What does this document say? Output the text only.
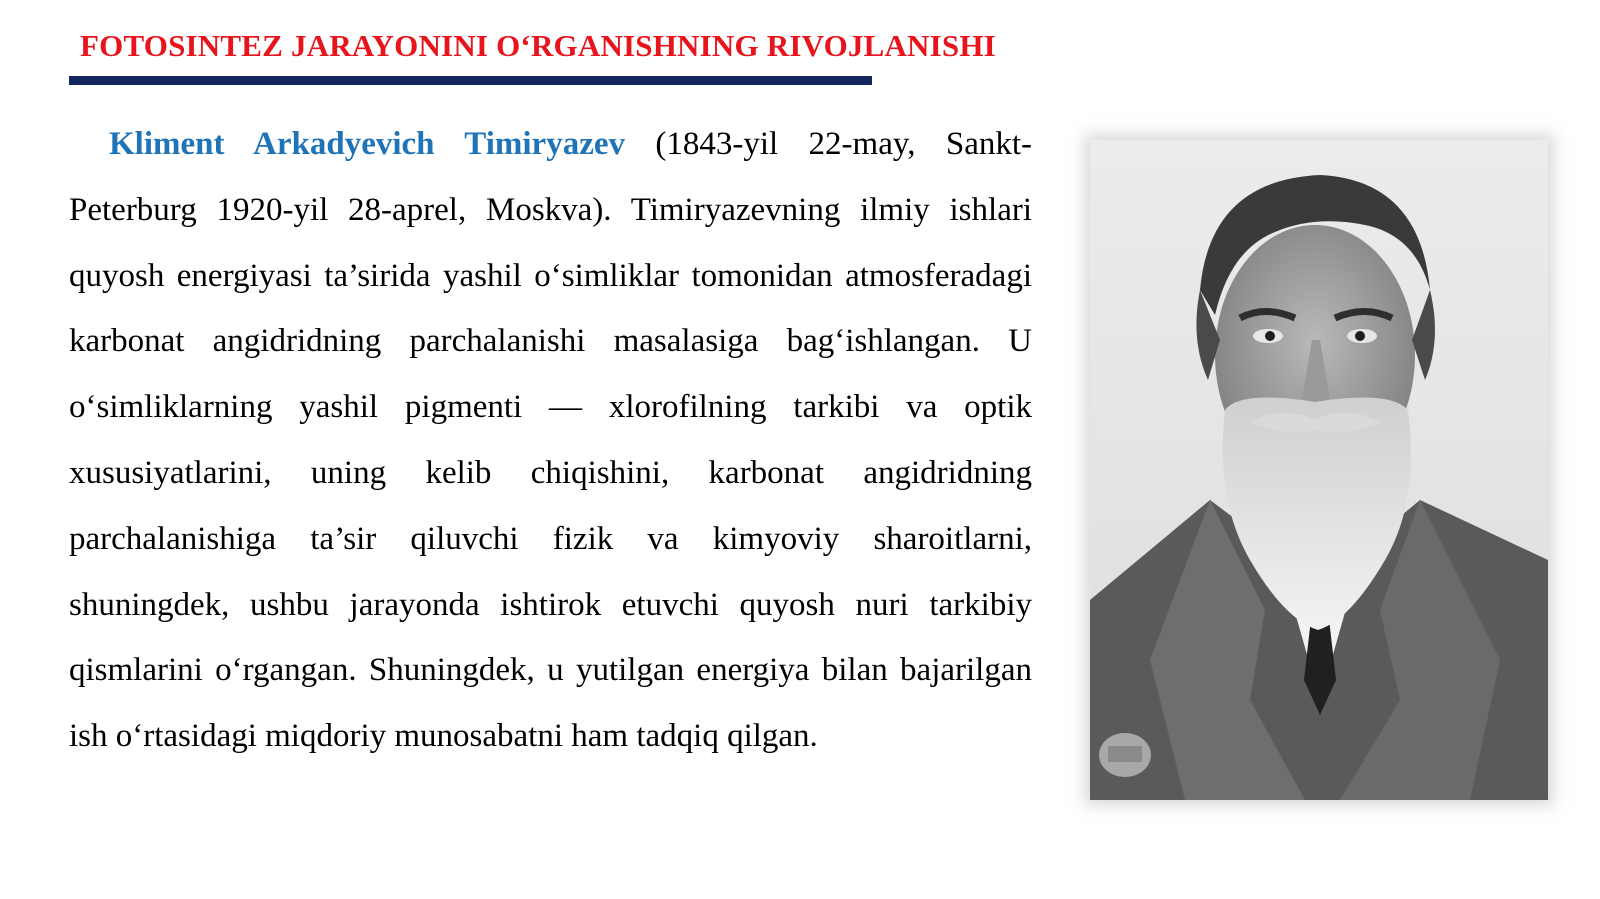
FOTOSINTEZ JARAYONINI O‘RGANISHNING RIVOJLANISHI

Kliment Arkadyevich Timiryazev (1843-yil 22-may, Sankt-Peterburg 1920-yil 28-aprel, Moskva). Timiryazevning ilmiy ishlari quyosh energiyasi ta’sirida yashil o‘simliklar tomonidan atmosferadagi karbonat angidridning parchalanishi masalasiga bag‘ishlangan. U o‘simliklarning yashil pigmenti — xlorofilning tarkibi va optik xususiyatlarini, uning kelib chiqishini, karbonat angidridning parchalanishiga ta’sir qiluvchi fizik va kimyoviy sharoitlarni, shuningdek, ushbu jarayonda ishtirok etuvchi quyosh nuri tarkibiy qismlarini o‘rgangan. Shuningdek, u yutilgan energiya bilan bajarilgan ish o‘rtasidagi miqdoriy munosabatni ham tadqiq qilgan.
